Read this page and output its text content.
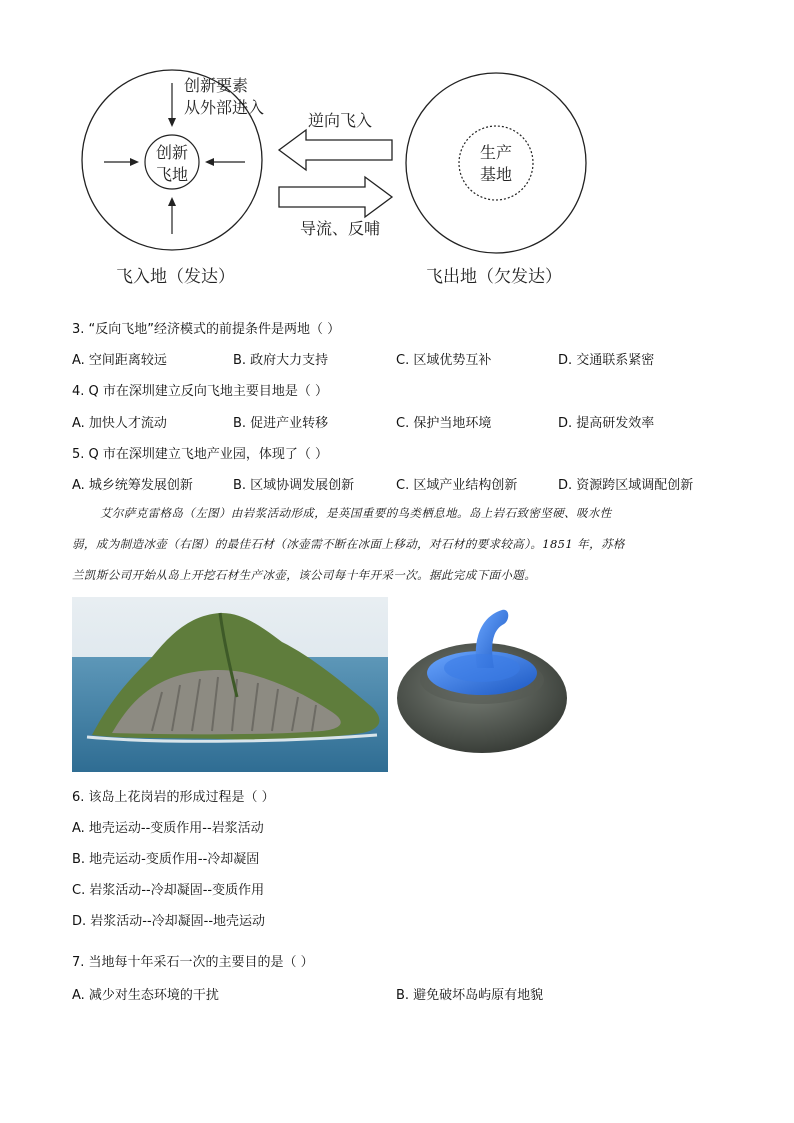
创新
飞地
创新要素
从外部进入
逆向飞入
导流、反哺
生产
基地
飞入地（发达）	飞出地（欠发达）
3. “反向飞地”经济模式的前提条件是两地（ ）
A. 空间距离较远	B. 政府大力支持	C. 区域优势互补	D. 交通联系紧密
4. Q 市在深圳建立反向飞地主要目地是（ ）
A. 加快人才流动	B. 促进产业转移	C. 保护当地环境	D. 提高研发效率
5. Q 市在深圳建立飞地产业园，体现了（ ）
A. 城乡统筹发展创新	B. 区域协调发展创新	C. 区域产业结构创新	D. 资源跨区域调配创新
艾尔萨克雷格岛（左图）由岩浆活动形成，是英国重要的鸟类栖息地。岛上岩石致密坚硬、吸水性
弱，成为制造冰壶（右图）的最佳石材（冰壶需不断在冰面上移动，对石材的要求较高）。1851 年，苏格
兰凯斯公司开始从岛上开挖石材生产冰壶，该公司每十年开采一次。据此完成下面小题。
6. 该岛上花岗岩的形成过程是（ ）
A. 地壳运动--变质作用--岩浆活动
B. 地壳运动-变质作用--冷却凝固
C. 岩浆活动--冷却凝固--变质作用
D. 岩浆活动--冷却凝固--地壳运动
7. 当地每十年采石一次的主要目的是（ ）
A. 减少对生态环境的干扰	B. 避免破坏岛屿原有地貌
